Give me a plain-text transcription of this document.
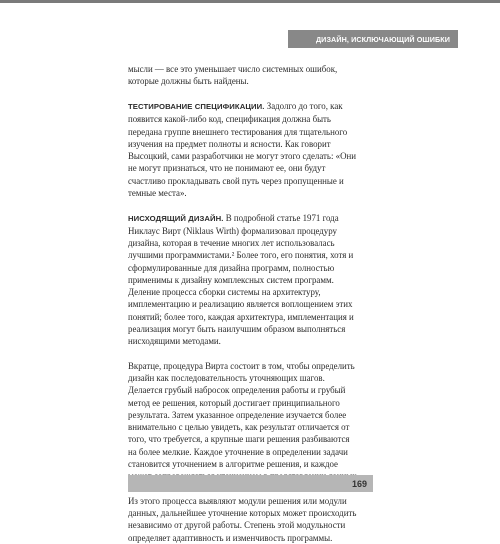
ДИЗАЙН, ИСКЛЮЧАЮЩИЙ ОШИБКИ

мысли — все это уменьшает число системных ошибок, которые должны быть найдены.

ТЕСТИРОВАНИЕ СПЕЦИФИКАЦИИ. Задолго до того, как появится какой-либо код, спецификация должна быть передана группе внешнего тестирования для тщательного изучения на предмет полноты и ясности. Как говорит Высоцкий, сами разработчики не могут этого сделать: «Они не могут признаться, что не понимают ее, они будут счастливо прокладывать свой путь через пропущенные и темные места».

НИСХОДЯЩИЙ ДИЗАЙН. В подробной статье 1971 года Никлаус Вирт (Niklaus Wirth) формализовал процедуру дизайна, которая в течение многих лет использовалась лучшими программистами.² Более того, его понятия, хотя и сформулированные для дизайна программ, полностью применимы к дизайну комплексных систем программ. Деление процесса сборки системы на архитектуру, имплементацию и реализацию является воплощением этих понятий; более того, каждая архитектура, имплементация и реализация могут быть наилучшим образом выполняться нисходящими методами.

Вкратце, процедура Вирта состоит в том, чтобы определить дизайн как последовательность уточняющих шагов. Делается грубый набросок определения работы и грубый метод ее решения, который достигает принципиального результата. Затем указанное определение изучается более внимательно с целью увидеть, как результат отличается от того, что требуется, а крупные шаги решения разбиваются на более мелкие. Каждое уточнение в определении задачи становится уточнением в алгоритме решения, и каждое

Из этого процесса выявляют модули решения или модули данных, дальнейшее уточнение которых может происходить независимо от другой работы. Степень этой модульности определяет адаптивность и изменчивость программы.

169
